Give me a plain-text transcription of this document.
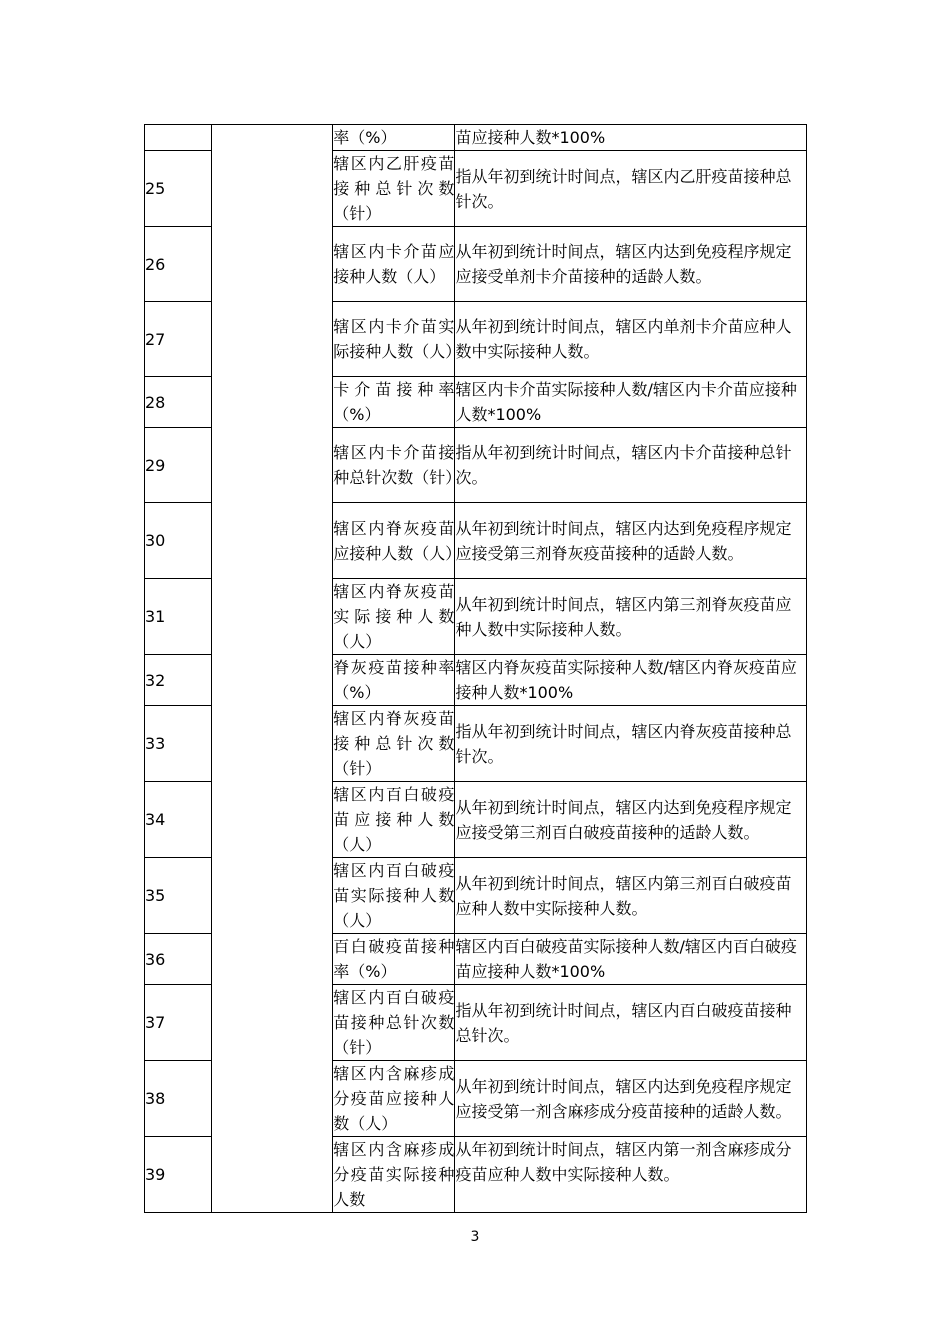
		率（%）	苗应接种人数*100%

25		辖区内乙肝疫苗接种总针次数（针）	指从年初到统计时间点，辖区内乙肝疫苗接种总针次。

26		辖区内卡介苗应接种人数（人）	从年初到统计时间点，辖区内达到免疫程序规定应接受单剂卡介苗接种的适龄人数。

27		辖区内卡介苗实际接种人数（人）	从年初到统计时间点，辖区内单剂卡介苗应种人数中实际接种人数。

28		卡介苗接种率（%）	辖区内卡介苗实际接种人数/辖区内卡介苗应接种人数*100%

29		辖区内卡介苗接种总针次数（针）	指从年初到统计时间点，辖区内卡介苗接种总针次。

30		辖区内脊灰疫苗应接种人数（人）	从年初到统计时间点，辖区内达到免疫程序规定应接受第三剂脊灰疫苗接种的适龄人数。

31		辖区内脊灰疫苗实际接种人数（人）	从年初到统计时间点，辖区内第三剂脊灰疫苗应种人数中实际接种人数。

32		脊灰疫苗接种率（%）	辖区内脊灰疫苗实际接种人数/辖区内脊灰疫苗应接种人数*100%

33		辖区内脊灰疫苗接种总针次数（针）	指从年初到统计时间点，辖区内脊灰疫苗接种总针次。

34		辖区内百白破疫苗应接种人数（人）	从年初到统计时间点，辖区内达到免疫程序规定应接受第三剂百白破疫苗接种的适龄人数。

35		辖区内百白破疫苗实际接种人数（人）	从年初到统计时间点，辖区内第三剂百白破疫苗应种人数中实际接种人数。

36		百白破疫苗接种率（%）	辖区内百白破疫苗实际接种人数/辖区内百白破疫苗应接种人数*100%

37		辖区内百白破疫苗接种总针次数（针）	指从年初到统计时间点，辖区内百白破疫苗接种总针次。

38		辖区内含麻疹成分疫苗应接种人数（人）	从年初到统计时间点，辖区内达到免疫程序规定应接受第一剂含麻疹成分疫苗接种的适龄人数。

39		辖区内含麻疹成分疫苗实际接种人数	从年初到统计时间点，辖区内第一剂含麻疹成分疫苗应种人数中实际接种人数。
3
